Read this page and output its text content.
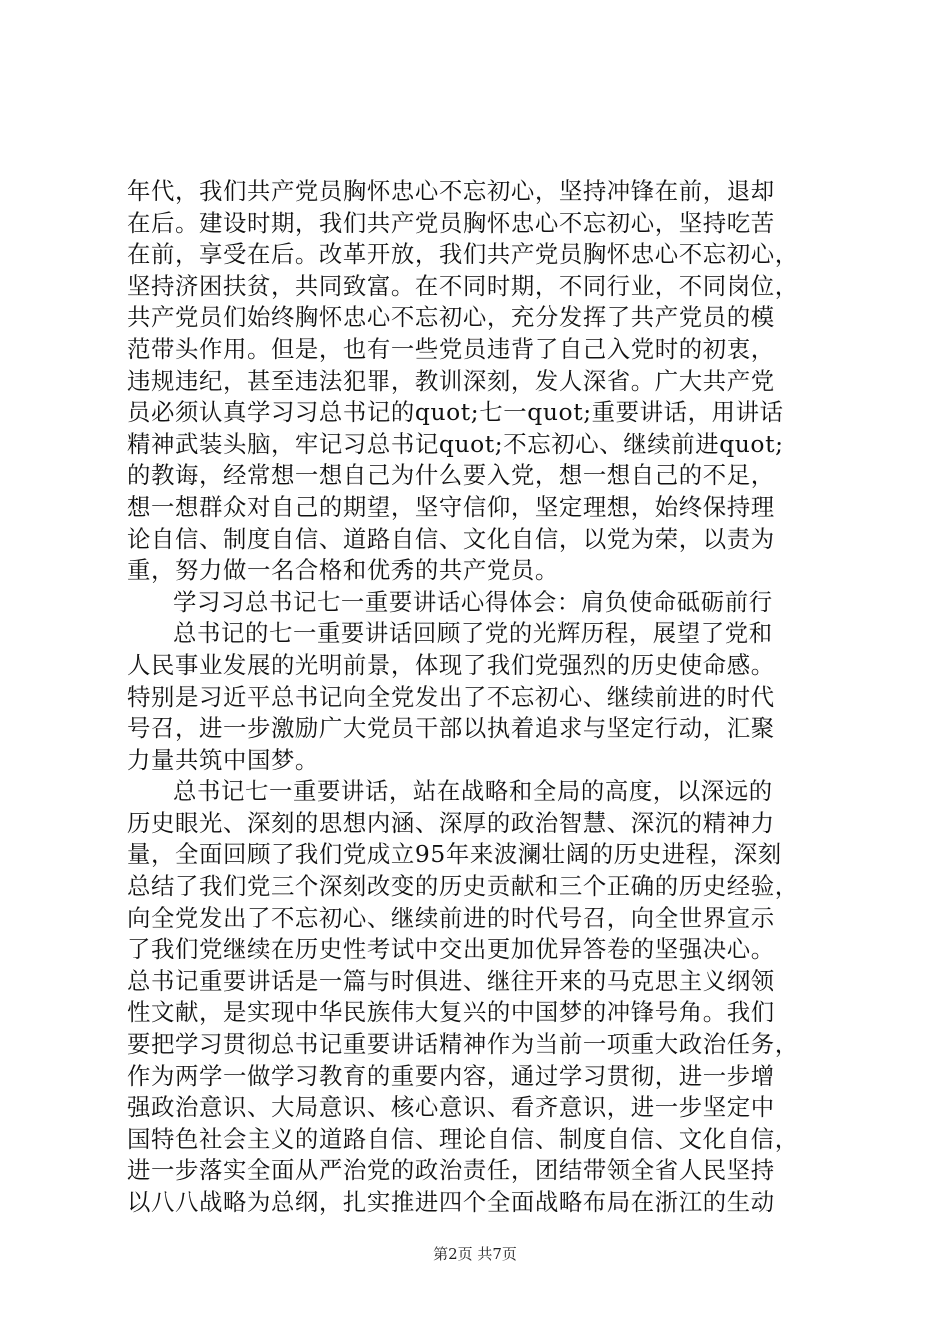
年代，我们共产党员胸怀忠心不忘初心，坚持冲锋在前，退却
在后。建设时期，我们共产党员胸怀忠心不忘初心，坚持吃苦
在前，享受在后。改革开放，我们共产党员胸怀忠心不忘初心，
坚持济困扶贫，共同致富。在不同时期，不同行业，不同岗位，
共产党员们始终胸怀忠心不忘初心，充分发挥了共产党员的模
范带头作用。但是，也有一些党员违背了自己入党时的初衷，
违规违纪，甚至违法犯罪，教训深刻，发人深省。广大共产党
员必须认真学习习总书记的quot;七一quot;重要讲话，用讲话
精神武装头脑，牢记习总书记quot;不忘初心、继续前进quot;
的教诲，经常想一想自己为什么要入党，想一想自己的不足，
想一想群众对自己的期望，坚守信仰，坚定理想，始终保持理
论自信、制度自信、道路自信、文化自信，以党为荣，以责为
重，努力做一名合格和优秀的共产党员。
学习习总书记七一重要讲话心得体会：肩负使命砥砺前行
总书记的七一重要讲话回顾了党的光辉历程，展望了党和
人民事业发展的光明前景，体现了我们党强烈的历史使命感。
特别是习近平总书记向全党发出了不忘初心、继续前进的时代
号召，进一步激励广大党员干部以执着追求与坚定行动，汇聚
力量共筑中国梦。
总书记七一重要讲话，站在战略和全局的高度，以深远的
历史眼光、深刻的思想内涵、深厚的政治智慧、深沉的精神力
量，全面回顾了我们党成立95年来波澜壮阔的历史进程，深刻
总结了我们党三个深刻改变的历史贡献和三个正确的历史经验，
向全党发出了不忘初心、继续前进的时代号召，向全世界宣示
了我们党继续在历史性考试中交出更加优异答卷的坚强决心。
总书记重要讲话是一篇与时俱进、继往开来的马克思主义纲领
性文献，是实现中华民族伟大复兴的中国梦的冲锋号角。我们
要把学习贯彻总书记重要讲话精神作为当前一项重大政治任务，
作为两学一做学习教育的重要内容，通过学习贯彻，进一步增
强政治意识、大局意识、核心意识、看齐意识，进一步坚定中
国特色社会主义的道路自信、理论自信、制度自信、文化自信，
进一步落实全面从严治党的政治责任，团结带领全省人民坚持
以八八战略为总纲，扎实推进四个全面战略布局在浙江的生动
第2页 共7页
